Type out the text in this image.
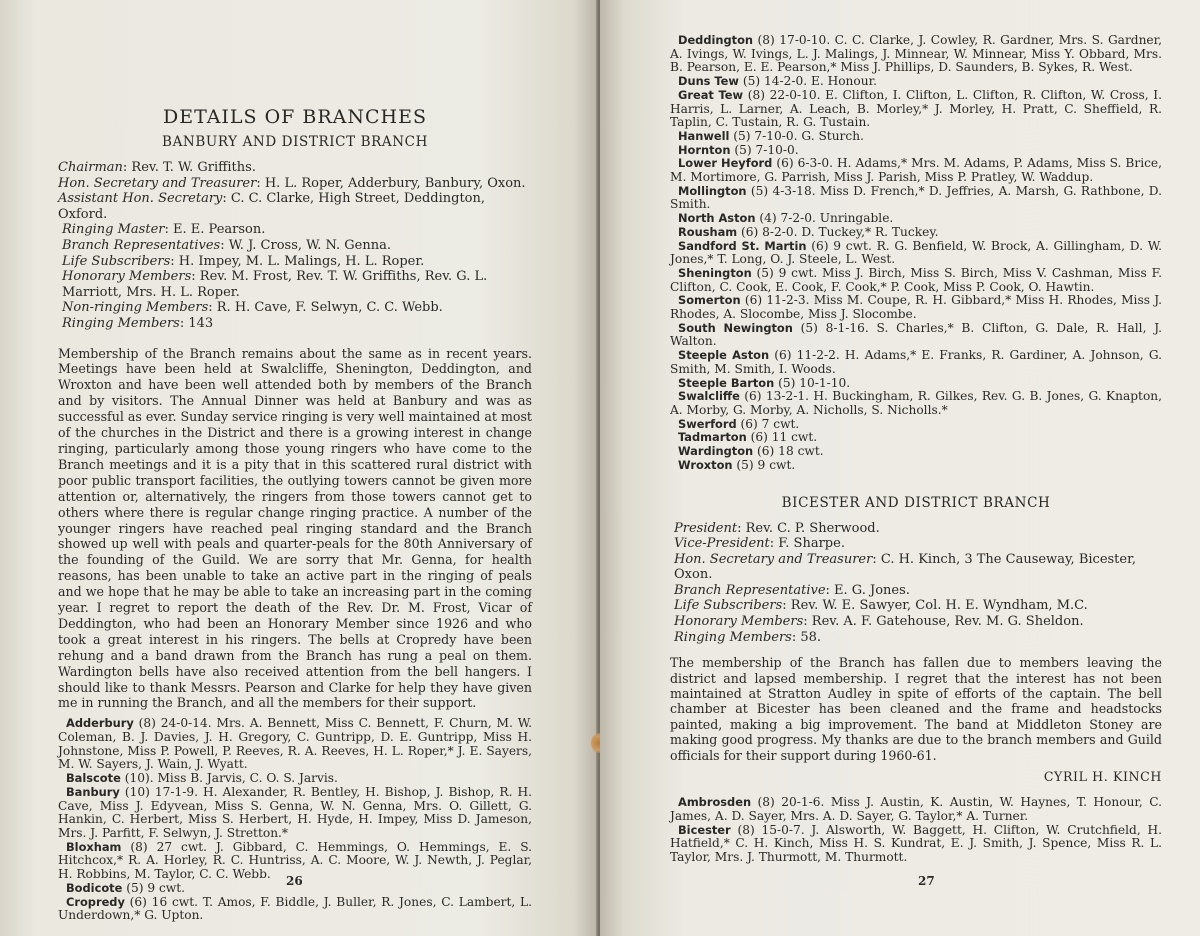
DETAILS OF BRANCHES
BANBURY AND DISTRICT BRANCH
Chairman: Rev. T. W. Griffiths.
Hon. Secretary and Treasurer: H. L. Roper, Adderbury, Banbury, Oxon.
Assistant Hon. Secretary: C. C. Clarke, High Street, Deddington, Oxford.
Ringing Master: E. E. Pearson.
Branch Representatives: W. J. Cross, W. N. Genna.
Life Subscribers: H. Impey, M. L. Malings, H. L. Roper.
Honorary Members: Rev. M. Frost, Rev. T. W. Griffiths, Rev. G. L. Marriott, Mrs. H. L. Roper.
Non-ringing Members: R. H. Cave, F. Selwyn, C. C. Webb.
Ringing Members: 143

Membership of the Branch remains about the same as in recent years. Meetings have been held at Swalcliffe, Shenington, Deddington, and Wroxton and have been well attended both by members of the Branch and by visitors. The Annual Dinner was held at Banbury and was as successful as ever. Sunday service ringing is very well maintained at most of the churches in the District and there is a growing interest in change ringing, particularly among those young ringers who have come to the Branch meetings and it is a pity that in this scattered rural district with poor public transport facilities, the outlying towers cannot be given more attention or, alternatively, the ringers from those towers cannot get to others where there is regular change ringing practice. A number of the younger ringers have reached peal ringing standard and the Branch showed up well with peals and quarter-peals for the 80th Anniversary of the founding of the Guild. We are sorry that Mr. Genna, for health reasons, has been unable to take an active part in the ringing of peals and we hope that he may be able to take an increasing part in the coming year. I regret to report the death of the Rev. Dr. M. Frost, Vicar of Deddington, who had been an Honorary Member since 1926 and who took a great interest in his ringers. The bells at Cropredy have been rehung and a band drawn from the Branch has rung a peal on them. Wardington bells have also received attention from the bell hangers. I should like to thank Messrs. Pearson and Clarke for help they have given me in running the Branch, and all the members for their support.

Adderbury (8) 24-0-14. Mrs. A. Bennett, Miss C. Bennett, F. Churn, M. W. Coleman, B. J. Davies, J. H. Gregory, C. Guntripp, D. E. Guntripp, Miss H. Johnstone, Miss P. Powell, P. Reeves, R. A. Reeves, H. L. Roper,* J. E. Sayers, M. W. Sayers, J. Wain, J. Wyatt.

Balscote (10). Miss B. Jarvis, C. O. S. Jarvis.

Banbury (10) 17-1-9. H. Alexander, R. Bentley, H. Bishop, J. Bishop, R. H. Cave, Miss J. Edyvean, Miss S. Genna, W. N. Genna, Mrs. O. Gillett, G. Hankin, C. Herbert, Miss S. Herbert, H. Hyde, H. Impey, Miss D. Jameson, Mrs. J. Parfitt, F. Selwyn, J. Stretton.*

Bloxham (8) 27 cwt. J. Gibbard, C. Hemmings, O. Hemmings, E. S. Hitchcox,* R. A. Horley, R. C. Huntriss, A. C. Moore, W. J. Newth, J. Peglar, H. Robbins, M. Taylor, C. C. Webb.

Bodicote (5) 9 cwt.

Cropredy (6) 16 cwt. T. Amos, F. Biddle, J. Buller, R. Jones, C. Lambert, L. Underdown,* G. Upton.

26

Deddington (8) 17-0-10. C. C. Clarke, J. Cowley, R. Gardner, Mrs. S. Gardner, A. Ivings, W. Ivings, L. J. Malings, J. Minnear, W. Minnear, Miss Y. Obbard, Mrs. B. Pearson, E. E. Pearson,* Miss J. Phillips, D. Saunders, B. Sykes, R. West.

Duns Tew (5) 14-2-0. E. Honour.

Great Tew (8) 22-0-10. E. Clifton, I. Clifton, L. Clifton, R. Clifton, W. Cross, I. Harris, L. Larner, A. Leach, B. Morley,* J. Morley, H. Pratt, C. Sheffield, R. Taplin, C. Tustain, R. G. Tustain.

Hanwell (5) 7-10-0. G. Sturch.

Hornton (5) 7-10-0.

Lower Heyford (6) 6-3-0. H. Adams,* Mrs. M. Adams, P. Adams, Miss S. Brice, M. Mortimore, G. Parrish, Miss J. Parish, Miss P. Pratley, W. Waddup.

Mollington (5) 4-3-18. Miss D. French,* D. Jeffries, A. Marsh, G. Rathbone, D. Smith.

North Aston (4) 7-2-0. Unringable.

Rousham (6) 8-2-0. D. Tuckey,* R. Tuckey.

Sandford St. Martin (6) 9 cwt. R. G. Benfield, W. Brock, A. Gillingham, D. W. Jones,* T. Long, O. J. Steele, L. West.

Shenington (5) 9 cwt. Miss J. Birch, Miss S. Birch, Miss V. Cashman, Miss F. Clifton, C. Cook, E. Cook, F. Cook,* P. Cook, Miss P. Cook, O. Hawtin.

Somerton (6) 11-2-3. Miss M. Coupe, R. H. Gibbard,* Miss H. Rhodes, Miss J. Rhodes, A. Slocombe, Miss J. Slocombe.

South Newington (5) 8-1-16. S. Charles,* B. Clifton, G. Dale, R. Hall, J. Walton.

Steeple Aston (6) 11-2-2. H. Adams,* E. Franks, R. Gardiner, A. Johnson, G. Smith, M. Smith, I. Woods.

Steeple Barton (5) 10-1-10.

Swalcliffe (6) 13-2-1. H. Buckingham, R. Gilkes, Rev. G. B. Jones, G. Knapton, A. Morby, G. Morby, A. Nicholls, S. Nicholls.*

Swerford (6) 7 cwt.

Tadmarton (6) 11 cwt.

Wardington (6) 18 cwt.

Wroxton (5) 9 cwt.

BICESTER AND DISTRICT BRANCH
President: Rev. C. P. Sherwood.
Vice-President: F. Sharpe.
Hon. Secretary and Treasurer: C. H. Kinch, 3 The Causeway, Bicester, Oxon.
Branch Representative: E. G. Jones.
Life Subscribers: Rev. W. E. Sawyer, Col. H. E. Wyndham, M.C.
Honorary Members: Rev. A. F. Gatehouse, Rev. M. G. Sheldon.
Ringing Members: 58.

The membership of the Branch has fallen due to members leaving the district and lapsed membership. I regret that the interest has not been maintained at Stratton Audley in spite of efforts of the captain. The bell chamber at Bicester has been cleaned and the frame and headstocks painted, making a big improvement. The band at Middleton Stoney are making good progress. My thanks are due to the branch members and Guild officials for their support during 1960-61.

CYRIL H. KINCH

Ambrosden (8) 20-1-6. Miss J. Austin, K. Austin, W. Haynes, T. Honour, C. James, A. D. Sayer, Mrs. A. D. Sayer, G. Taylor,* A. Turner.

Bicester (8) 15-0-7. J. Alsworth, W. Baggett, H. Clifton, W. Crutchfield, H. Hatfield,* C. H. Kinch, Miss H. S. Kundrat, E. J. Smith, J. Spence, Miss R. L. Taylor, Mrs. J. Thurmott, M. Thurmott.

27
